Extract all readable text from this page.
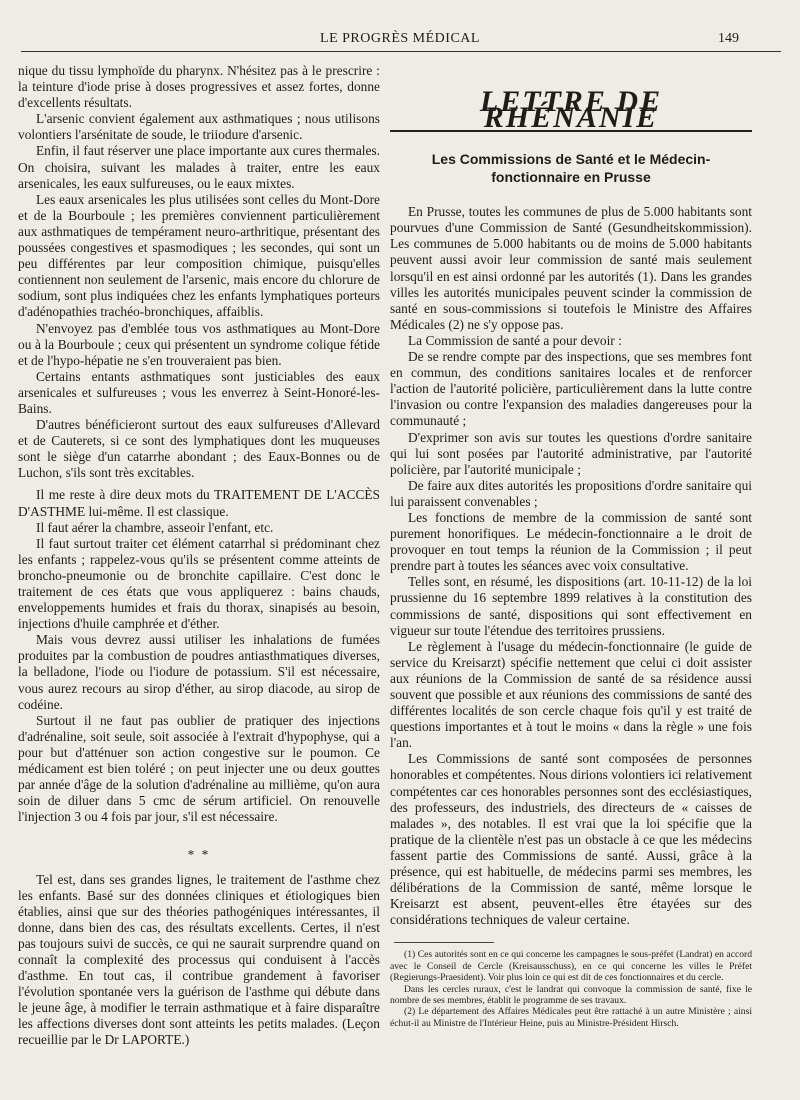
LE PROGRÈS MÉDICAL	149

nique du tissu lymphoïde du pharynx. N'hésitez pas à le prescrire : la teinture d'iode prise à doses progressives et assez fortes, donne d'excellents résultats.

L'arsenic convient également aux asthmatiques ; nous utilisons volontiers l'arsénitate de soude, le triiodure d'arsenic.

Enfin, il faut réserver une place importante aux cures thermales. On choisira, suivant les malades à traiter, entre les eaux arsenicales, les eaux sulfureuses, ou le eaux mixtes.

Les eaux arsenicales les plus utilisées sont celles du Mont-Dore et de la Bourboule ; les premières conviennent particulièrement aux asthmatiques de tempérament neuro-arthritique, présentant des poussées congestives et spasmodiques ; les secondes, qui sont un peu différentes par leur composition chimique, puisqu'elles contiennent non seulement de l'arsenic, mais encore du chlorure de sodium, sont plus indiquées chez les enfants lymphatiques porteurs d'adénopathies trachéo-bronchiques, affaiblis.

N'envoyez pas d'emblée tous vos asthmatiques au Mont-Dore ou à la Bourboule ; ceux qui présentent un syndrome colique fétide et de l'hypo-hépatie ne s'en trouveraient pas bien.

Certains entants asthmatiques sont justiciables des eaux arsenicales et sulfureuses ; vous les enverrez à Seint-Honoré-les-Bains.

D'autres bénéficieront surtout des eaux sulfureuses d'Allevard et de Cauterets, si ce sont des lymphatiques dont les muqueuses sont le siège d'un catarrhe abondant ; des Eaux-Bonnes ou de Luchon, s'ils sont très excitables.

Il me reste à dire deux mots du TRAITEMENT DE L'ACCÈS D'ASTHME lui-même. Il est classique.

Il faut aérer la chambre, asseoir l'enfant, etc.

Il faut surtout traiter cet élément catarrhal si prédominant chez les enfants ; rappelez-vous qu'ils se présentent comme atteints de broncho-pneumonie ou de bronchite capillaire. C'est donc le traitement de ces états que vous appliquerez : bains chauds, enveloppements humides et frais du thorax, sinapisés au besoin, injections d'huile camphrée et d'éther.

Mais vous devrez aussi utiliser les inhalations de fumées produites par la combustion de poudres antiasthmatiques diverses, la belladone, l'iode ou l'iodure de potassium. S'il est nécessaire, vous aurez recours au sirop d'éther, au sirop diacode, au sirop de codéine.

Surtout il ne faut pas oublier de pratiquer des injections d'adrénaline, soit seule, soit associée à l'extrait d'hypophyse, qui a pour but d'atténuer son action congestive sur le poumon. Ce médicament est bien toléré ; on peut injecter une ou deux gouttes par année d'âge de la solution d'adrénaline au millième, qu'on aura soin de diluer dans 5 cmc de sérum artificiel. On renouvelle l'injection 3 ou 4 fois par jour, s'il est nécessaire.

* *

Tel est, dans ses grandes lignes, le traitement de l'asthme chez les enfants. Basé sur des données cliniques et étiologiques bien établies, ainsi que sur des théories pathogéniques intéressantes, il donne, dans bien des cas, des résultats excellents. Certes, il n'est pas toujours suivi de succès, ce qui ne saurait surprendre quand on connaît la complexité des processus qui conduisent à l'accès d'asthme. En tout cas, il contribue grandement à favoriser l'évolution spontanée vers la guérison de l'asthme qui débute dans le jeune âge, à modifier le terrain asthmatique et à faire disparaître les affections diverses dont sont atteints les petits malades. (Leçon recueillie par le Dr LAPORTE.)

LETTRE DE RHÉNANIE
Les Commissions de Santé et le Médecin-fonctionnaire en Prusse

En Prusse, toutes les communes de plus de 5.000 habitants sont pourvues d'une Commission de Santé (Gesundheitskommission). Les communes de 5.000 habitants ou de moins de 5.000 habitants peuvent aussi avoir leur commission de santé mais seulement lorsqu'il en est ainsi ordonné par les autorités (1). Dans les grandes villes les autorités municipales peuvent scinder la commission de santé en sous-commissions si toutefois le Ministre des Affaires Médicales (2) ne s'y oppose pas.

La Commission de santé a pour devoir :

De se rendre compte par des inspections, que ses membres font en commun, des conditions sanitaires locales et de renforcer l'action de l'autorité policière, particulièrement dans la lutte contre l'invasion ou contre l'expansion des maladies dangereuses pour la communauté ;

D'exprimer son avis sur toutes les questions d'ordre sanitaire qui lui sont posées par l'autorité administrative, par l'autorité policière, par l'autorité municipale ;

De faire aux dites autorités les propositions d'ordre sanitaire qui lui paraissent convenables ;

Les fonctions de membre de la commission de santé sont purement honorifiques. Le médecin-fonctionnaire a le droit de provoquer en tout temps la réunion de la Commission ; il peut prendre part à toutes les séances avec voix consultative.

Telles sont, en résumé, les dispositions (art. 10-11-12) de la loi prussienne du 16 septembre 1899 relatives à la constitution des commissions de santé, dispositions qui sont effectivement en vigueur sur toute l'étendue des territoires prussiens.

Le règlement à l'usage du médecin-fonctionnaire (le guide de service du Kreisarzt) spécifie nettement que celui ci doit assister aux réunions de la Commission de santé de sa résidence aussi souvent que possible et aux réunions des commissions de santé des différentes localités de son cercle chaque fois qu'il y est traité de questions importantes et à tout le moins « dans la règle » une fois l'an.

Les Commissions de santé sont composées de personnes honorables et compétentes. Nous dirions volontiers ici relativement compétentes car ces honorables personnes sont des ecclésiastiques, des professeurs, des industriels, des directeurs de « caisses de malades », des notables. Il est vrai que la loi spécifie que la pratique de la clientèle n'est pas un obstacle à ce que les médecins fassent partie des Commissions de santé. Aussi, grâce à la présence, qui est habituelle, de médecins parmi ses membres, les délibérations de la Commission de santé, même lorsque le Kreisarzt est absent, peuvent-elles être étayées sur des considérations techniques de valeur certaine.

(1) Ces autorités sont en ce qui concerne les campagnes le sous-préfet (Landrat) en accord avec le Conseil de Cercle (Kreisausschuss), en ce qui concerne les villes le Préfet (Regierungs-Praesident). Voir plus loin ce qui est dit de ces fonctionnaires et du cercle.

Dans les cercles ruraux, c'est le landrat qui convoque la commission de santé, fixe le nombre de ses membres, établit le programme de ses travaux.

(2) Le département des Affaires Médicales peut être rattaché à un autre Ministère ; ainsi échut-il au Ministre de l'Intérieur Heine, puis au Ministre-Président Hirsch.
